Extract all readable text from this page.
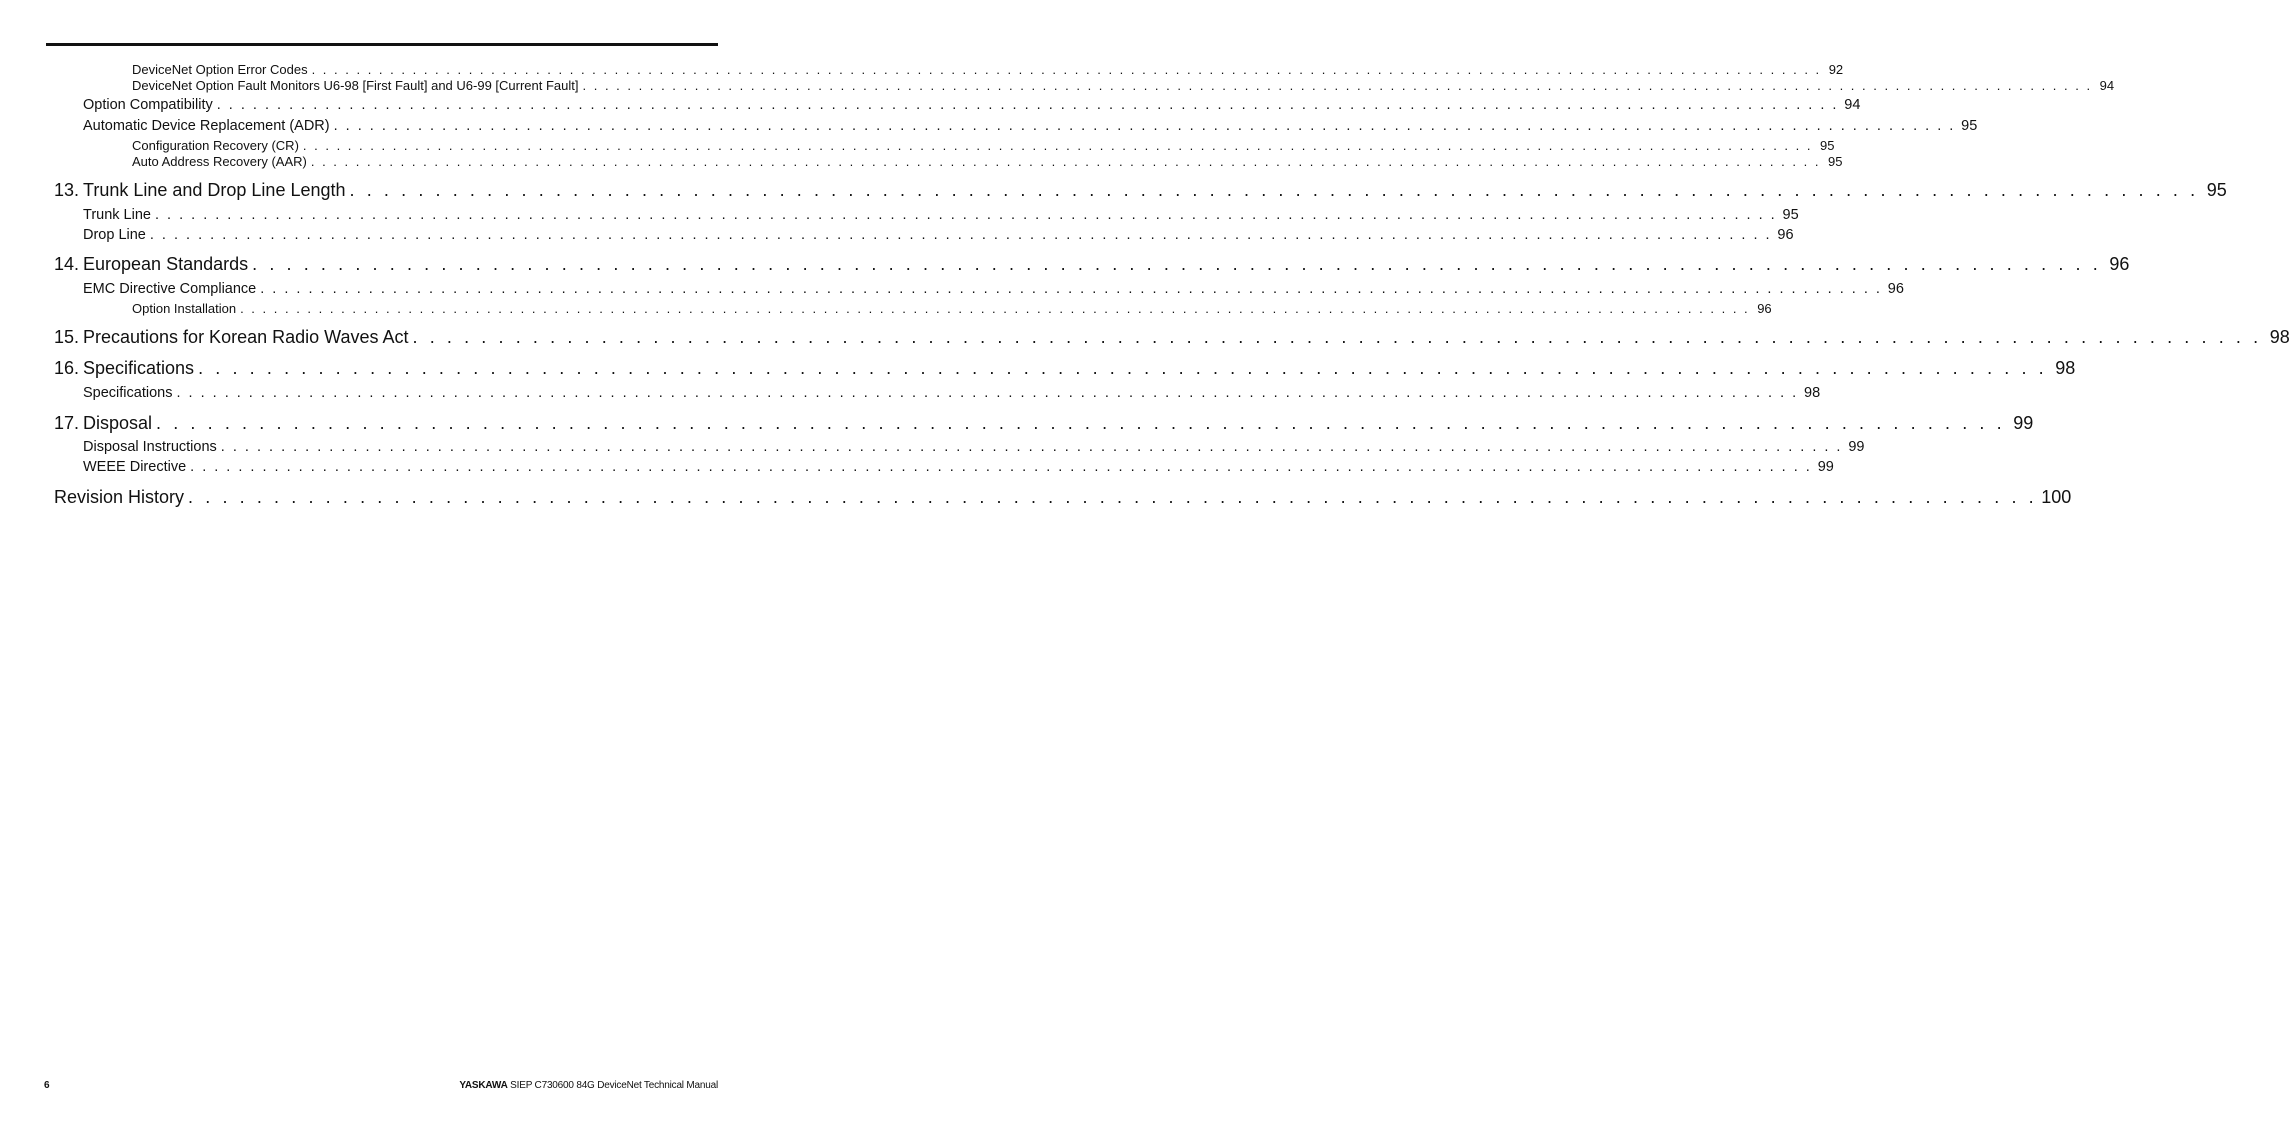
DeviceNet Option Error Codes . . . . . . . . . . . . . . . . . . . . . . . . . . . . . . . . . . . . . . . . . . . . . . . . . . . . . . . . . . . . . . . . . . . . . . . . . . . . . . . . . . . . . . . . . . . . . . . . . . . . . . . . . . . . . . . . . . . . . . . . . . . . . . . . . . . . . . . 92
DeviceNet Option Fault Monitors U6-98 [First Fault] and U6-99 [Current Fault] . . . . . . . . . . . . . . . . . . . . . . . . . . . . . . . . . . . . . . . . . . . . . . . . . . . . . . . . . . . . . . . . . . . . . . . . . . . . . . . . . . . . . . . . . . . . . . . . . . . . . . . . . . . . . . . . . . . . . . . . . . . . . . . . . . . . . . . 94
Option Compatibility . . . . . . . . . . . . . . . . . . . . . . . . . . . . . . . . . . . . . . . . . . . . . . . . . . . . . . . . . . . . . . . . . . . . . . . . . . . . . . . . . . . . . . . . . . . . . . . . . . . . . . . . . . . . . . . . . . . . . . . . . . . . . . . . . . . . . . . 94
Automatic Device Replacement (ADR) . . . . . . . . . . . . . . . . . . . . . . . . . . . . . . . . . . . . . . . . . . . . . . . . . . . . . . . . . . . . . . . . . . . . . . . . . . . . . . . . . . . . . . . . . . . . . . . . . . . . . . . . . . . . . . . . . . . . . . . . . . . . . . . . . . . . . . . 95
Configuration Recovery (CR) . . . . . . . . . . . . . . . . . . . . . . . . . . . . . . . . . . . . . . . . . . . . . . . . . . . . . . . . . . . . . . . . . . . . . . . . . . . . . . . . . . . . . . . . . . . . . . . . . . . . . . . . . . . . . . . . . . . . . . . . . . . . . . . . . . . . . . . 95
Auto Address Recovery (AAR) . . . . . . . . . . . . . . . . . . . . . . . . . . . . . . . . . . . . . . . . . . . . . . . . . . . . . . . . . . . . . . . . . . . . . . . . . . . . . . . . . . . . . . . . . . . . . . . . . . . . . . . . . . . . . . . . . . . . . . . . . . . . . . . . . . . . . . . 95
13. Trunk Line and Drop Line Length . . . . . . . . . . . . . . . . . . . . . . . . . . . . . . . . . . . . . . . . . . . . . . . . . . . . . . . . . . . . . . . . . . . . . . . . . . . . . . . . . . . . . . . . . . . . . . . . . . . . . . . . . . . . 95
Trunk Line . . . . . . . . . . . . . . . . . . . . . . . . . . . . . . . . . . . . . . . . . . . . . . . . . . . . . . . . . . . . . . . . . . . . . . . . . . . . . . . . . . . . . . . . . . . . . . . . . . . . . . . . . . . . . . . . . . . . . . . . . . . . . . . . . . . . . . . 95
Drop Line . . . . . . . . . . . . . . . . . . . . . . . . . . . . . . . . . . . . . . . . . . . . . . . . . . . . . . . . . . . . . . . . . . . . . . . . . . . . . . . . . . . . . . . . . . . . . . . . . . . . . . . . . . . . . . . . . . . . . . . . . . . . . . . . . . . . . . . 96
14. European Standards . . . . . . . . . . . . . . . . . . . . . . . . . . . . . . . . . . . . . . . . . . . . . . . . . . . . . . . . . . . . . . . . . . . . . . . . . . . . . . . . . . . . . . . . . . . . . . . . . . . . . . . . . . . . 96
EMC Directive Compliance . . . . . . . . . . . . . . . . . . . . . . . . . . . . . . . . . . . . . . . . . . . . . . . . . . . . . . . . . . . . . . . . . . . . . . . . . . . . . . . . . . . . . . . . . . . . . . . . . . . . . . . . . . . . . . . . . . . . . . . . . . . . . . . . . . . . . . . 96
Option Installation . . . . . . . . . . . . . . . . . . . . . . . . . . . . . . . . . . . . . . . . . . . . . . . . . . . . . . . . . . . . . . . . . . . . . . . . . . . . . . . . . . . . . . . . . . . . . . . . . . . . . . . . . . . . . . . . . . . . . . . . . . . . . . . . . . . . . . . 96
15. Precautions for Korean Radio Waves Act . . . . . . . . . . . . . . . . . . . . . . . . . . . . . . . . . . . . . . . . . . . . . . . . . . . . . . . . . . . . . . . . . . . . . . . . . . . . . . . . . . . . . . . . . . . . . . . . . . . . . . . . . . . . 98
16. Specifications . . . . . . . . . . . . . . . . . . . . . . . . . . . . . . . . . . . . . . . . . . . . . . . . . . . . . . . . . . . . . . . . . . . . . . . . . . . . . . . . . . . . . . . . . . . . . . . . . . . . . . . . . . . . 98
Specifications . . . . . . . . . . . . . . . . . . . . . . . . . . . . . . . . . . . . . . . . . . . . . . . . . . . . . . . . . . . . . . . . . . . . . . . . . . . . . . . . . . . . . . . . . . . . . . . . . . . . . . . . . . . . . . . . . . . . . . . . . . . . . . . . . . . . . . . 98
17. Disposal . . . . . . . . . . . . . . . . . . . . . . . . . . . . . . . . . . . . . . . . . . . . . . . . . . . . . . . . . . . . . . . . . . . . . . . . . . . . . . . . . . . . . . . . . . . . . . . . . . . . . . . . . . . . 99
Disposal Instructions . . . . . . . . . . . . . . . . . . . . . . . . . . . . . . . . . . . . . . . . . . . . . . . . . . . . . . . . . . . . . . . . . . . . . . . . . . . . . . . . . . . . . . . . . . . . . . . . . . . . . . . . . . . . . . . . . . . . . . . . . . . . . . . . . . . . . . . 99
WEEE Directive . . . . . . . . . . . . . . . . . . . . . . . . . . . . . . . . . . . . . . . . . . . . . . . . . . . . . . . . . . . . . . . . . . . . . . . . . . . . . . . . . . . . . . . . . . . . . . . . . . . . . . . . . . . . . . . . . . . . . . . . . . . . . . . . . . . . . . . 99
Revision History . . . . . . . . . . . . . . . . . . . . . . . . . . . . . . . . . . . . . . . . . . . . . . . . . . . . . . . . . . . . . . . . . . . . . . . . . . . . . . . . . . . . . . . . . . . . . . . . . . . . . . . . . . . . 100
6	YASKAWA SIEP C730600 84G DeviceNet Technical Manual
